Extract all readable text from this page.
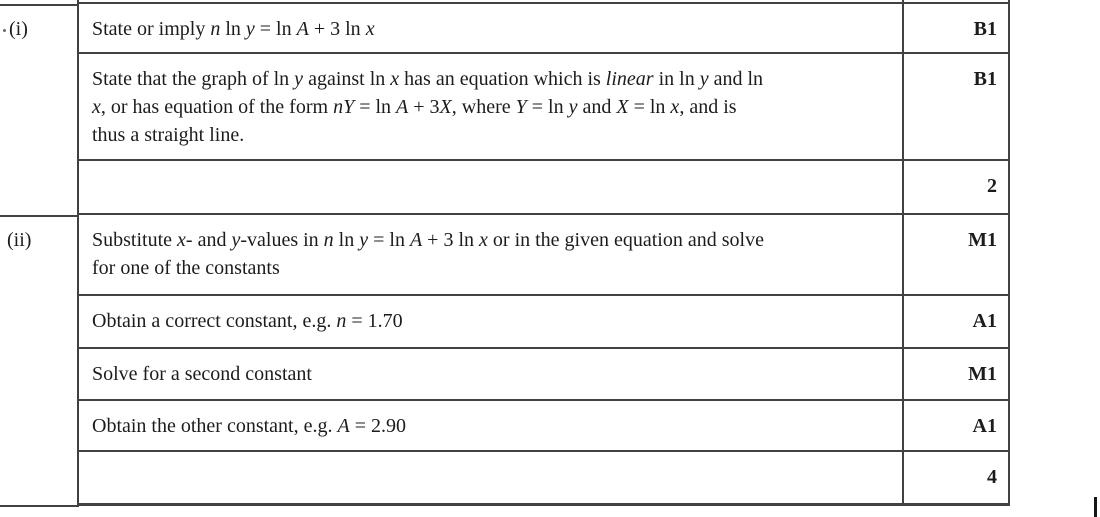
(i)
(ii)
State or imply n ln y = ln A + 3 ln x
State that the graph of ln y against ln x has an equation which is linear in ln y and ln
x, or has equation of the form nY = ln A + 3X, where Y = ln y and X = ln x, and is
thus a straight line.
Substitute x- and y-values in n ln y = ln A + 3 ln x or in the given equation and solve
for one of the constants
Obtain a correct constant, e.g. n = 1.70
Solve for a second constant
Obtain the other constant, e.g. A = 2.90
B1
B1
2
M1
A1
M1
A1
4
